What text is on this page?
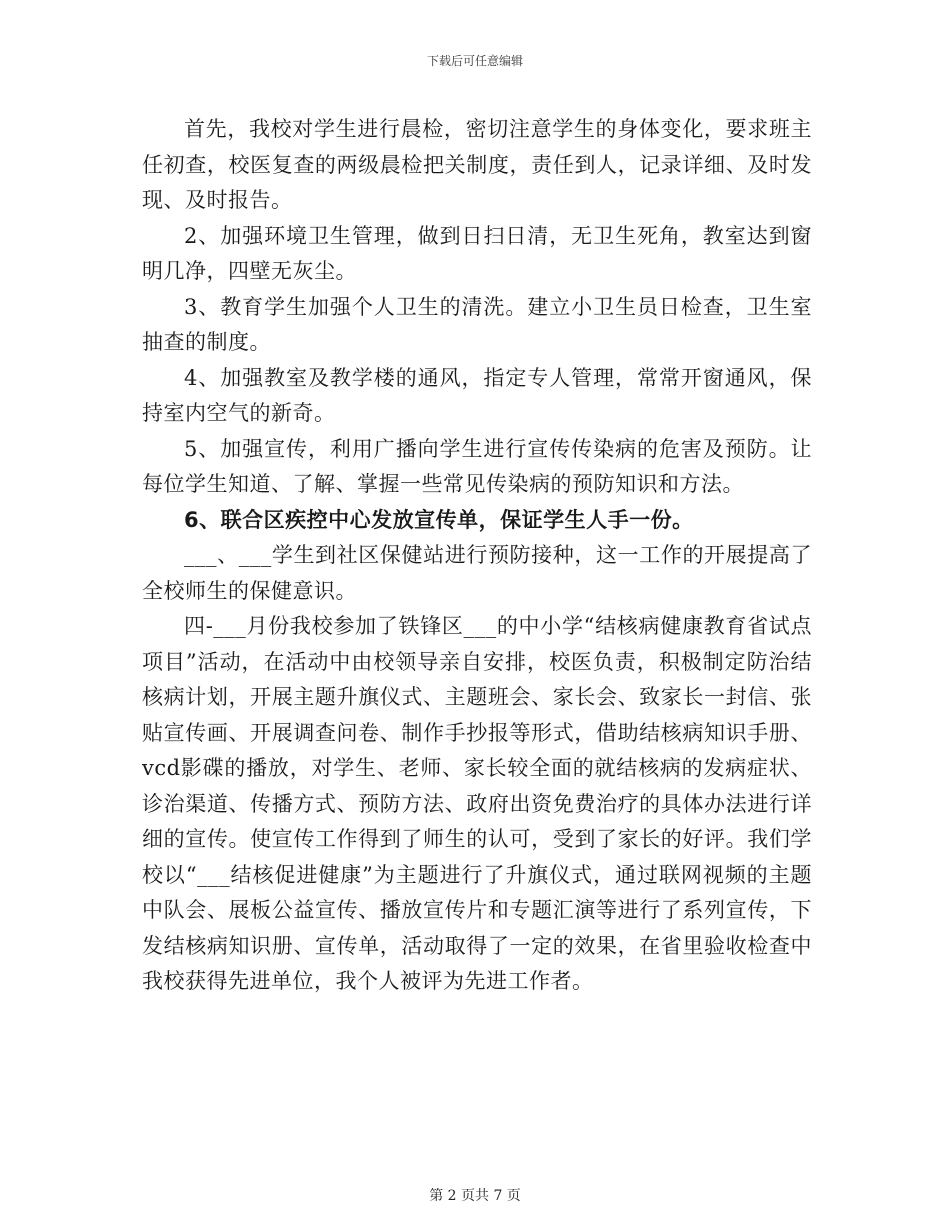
下载后可任意编辑

首先，我校对学生进行晨检，密切注意学生的身体变化，要求班主任初查，校医复查的两级晨检把关制度，责任到人，记录详细、及时发现、及时报告。

2、加强环境卫生管理，做到日扫日清，无卫生死角，教室达到窗明几净，四壁无灰尘。

3、教育学生加强个人卫生的清洗。建立小卫生员日检查，卫生室抽查的制度。

4、加强教室及教学楼的通风，指定专人管理，常常开窗通风，保持室内空气的新奇。

5、加强宣传，利用广播向学生进行宣传传染病的危害及预防。让每位学生知道、了解、掌握一些常见传染病的预防知识和方法。

6、联合区疾控中心发放宣传单，保证学生人手一份。

___、___学生到社区保健站进行预防接种，这一工作的开展提高了全校师生的保健意识。

四-___月份我校参加了铁锋区___的中小学“结核病健康教育省试点项目”活动，在活动中由校领导亲自安排，校医负责，积极制定防治结核病计划，开展主题升旗仪式、主题班会、家长会、致家长一封信、张贴宣传画、开展调查问卷、制作手抄报等形式，借助结核病知识手册、vcd影碟的播放，对学生、老师、家长较全面的就结核病的发病症状、诊治渠道、传播方式、预防方法、政府出资免费治疗的具体办法进行详细的宣传。使宣传工作得到了师生的认可，受到了家长的好评。我们学校以“___结核促进健康”为主题进行了升旗仪式，通过联网视频的主题中队会、展板公益宣传、播放宣传片和专题汇演等进行了系列宣传，下发结核病知识册、宣传单，活动取得了一定的效果，在省里验收检查中我校获得先进单位，我个人被评为先进工作者。

第 2 页共 7 页
